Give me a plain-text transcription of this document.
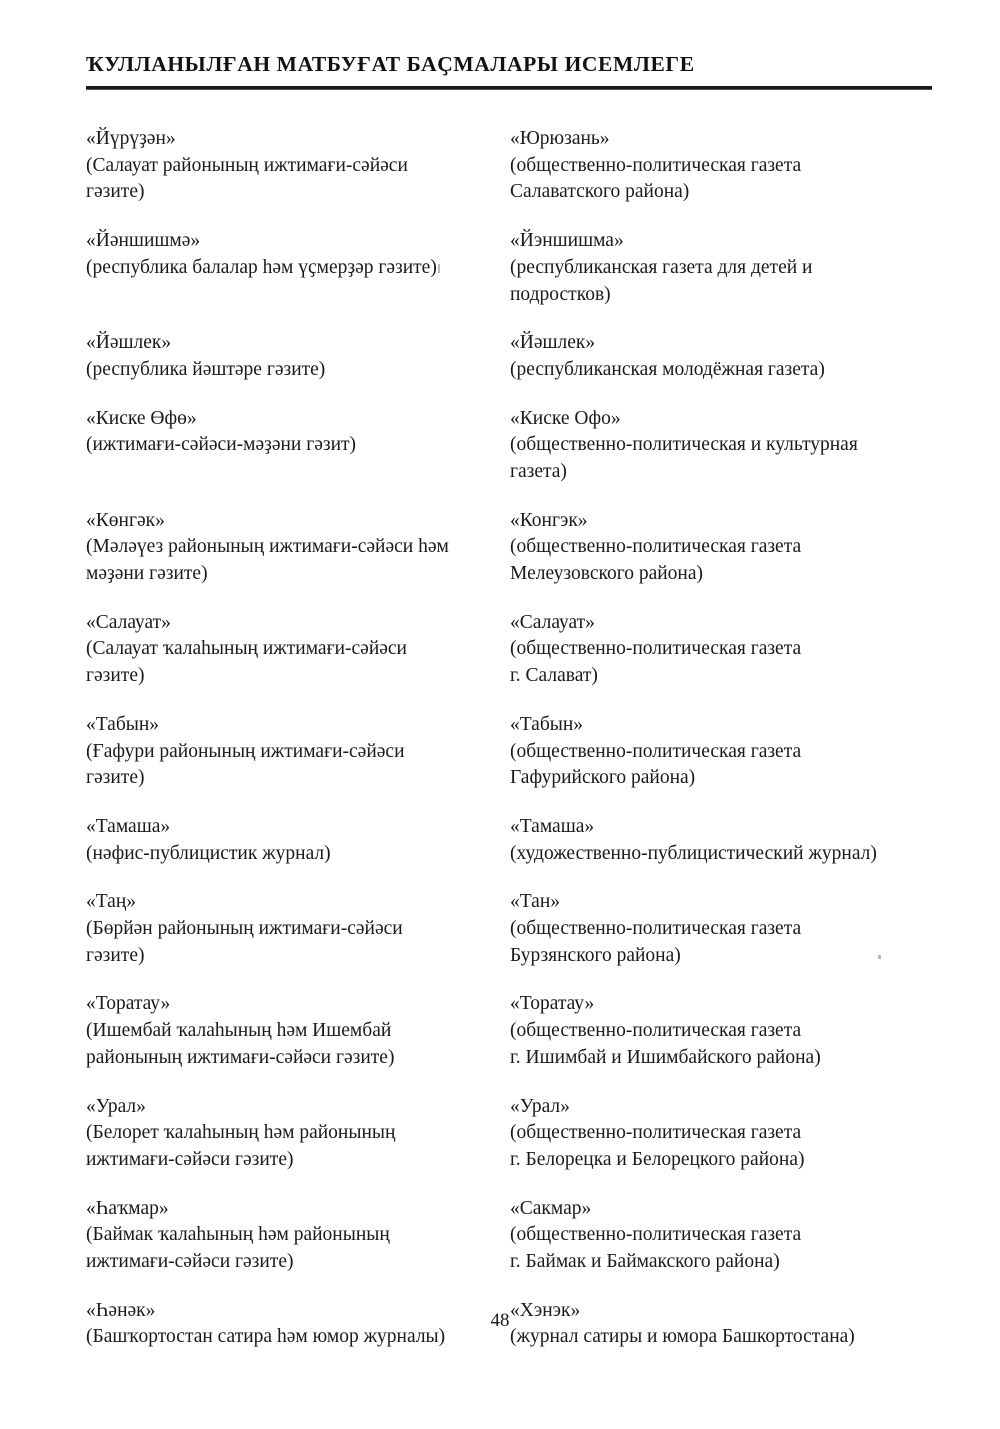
ҠУЛЛАНЫЛҒАН МАТБУҒАТ БАҪМАЛАРЫ ИСЕМЛЕГЕ
«Йүрүҙән»
(Салауат районының ижтимағи-сәйәси
гәзите)
«Йәншишмә»
(республика балалар һәм үҫмерҙәр гәзите)
«Йәшлек»
(республика йәштәре гәзите)
«Киске Өфө»
(ижтимағи-сәйәси-мәҙәни гәзит)
«Көнгәк»
(Мәләүез районының ижтимағи-сәйәси һәм
мәҙәни гәзите)
«Салауат»
(Салауат ҡалаһының ижтимағи-сәйәси
гәзите)
«Табын»
(Ғафури районының ижтимағи-сәйәси
гәзите)
«Тамаша»
(нәфис-публицистик журнал)
«Таң»
(Бөрйән районының ижтимағи-сәйәси
гәзите)
«Торатау»
(Ишембай ҡалаһының һәм Ишембай
районының ижтимағи-сәйәси гәзите)
«Урал»
(Белорет ҡалаһының һәм районының
ижтимағи-сәйәси гәзите)
«Һаҡмар»
(Баймак ҡалаһының һәм районының
ижтимағи-сәйәси гәзите)
«Һәнәк»
(Башҡортостан сатира һәм юмор журналы)
«Юрюзань»
(общественно-политическая газета
Салаватского района)
«Йэншишма»
(республиканская газета для детей и
подростков)
«Йәшлек»
(республиканская молодёжная газета)
«Киске Офо»
(общественно-политическая и культурная
газета)
«Конгэк»
(общественно-политическая газета
Мелеузовского района)
«Салауат»
(общественно-политическая газета
г. Салават)
«Табын»
(общественно-политическая газета
Гафурийского района)
«Тамаша»
(художественно-публицистический журнал)
«Тан»
(общественно-политическая газета
Бурзянского района)
«Торатау»
(общественно-политическая газета
г. Ишимбай и Ишимбайского района)
«Урал»
(общественно-политическая газета
г. Белорецка и Белорецкого района)
«Сакмар»
(общественно-политическая газета
г. Баймак и Баймакского района)
«Хэнэк»
(журнал сатиры и юмора Башкортостана)
48
